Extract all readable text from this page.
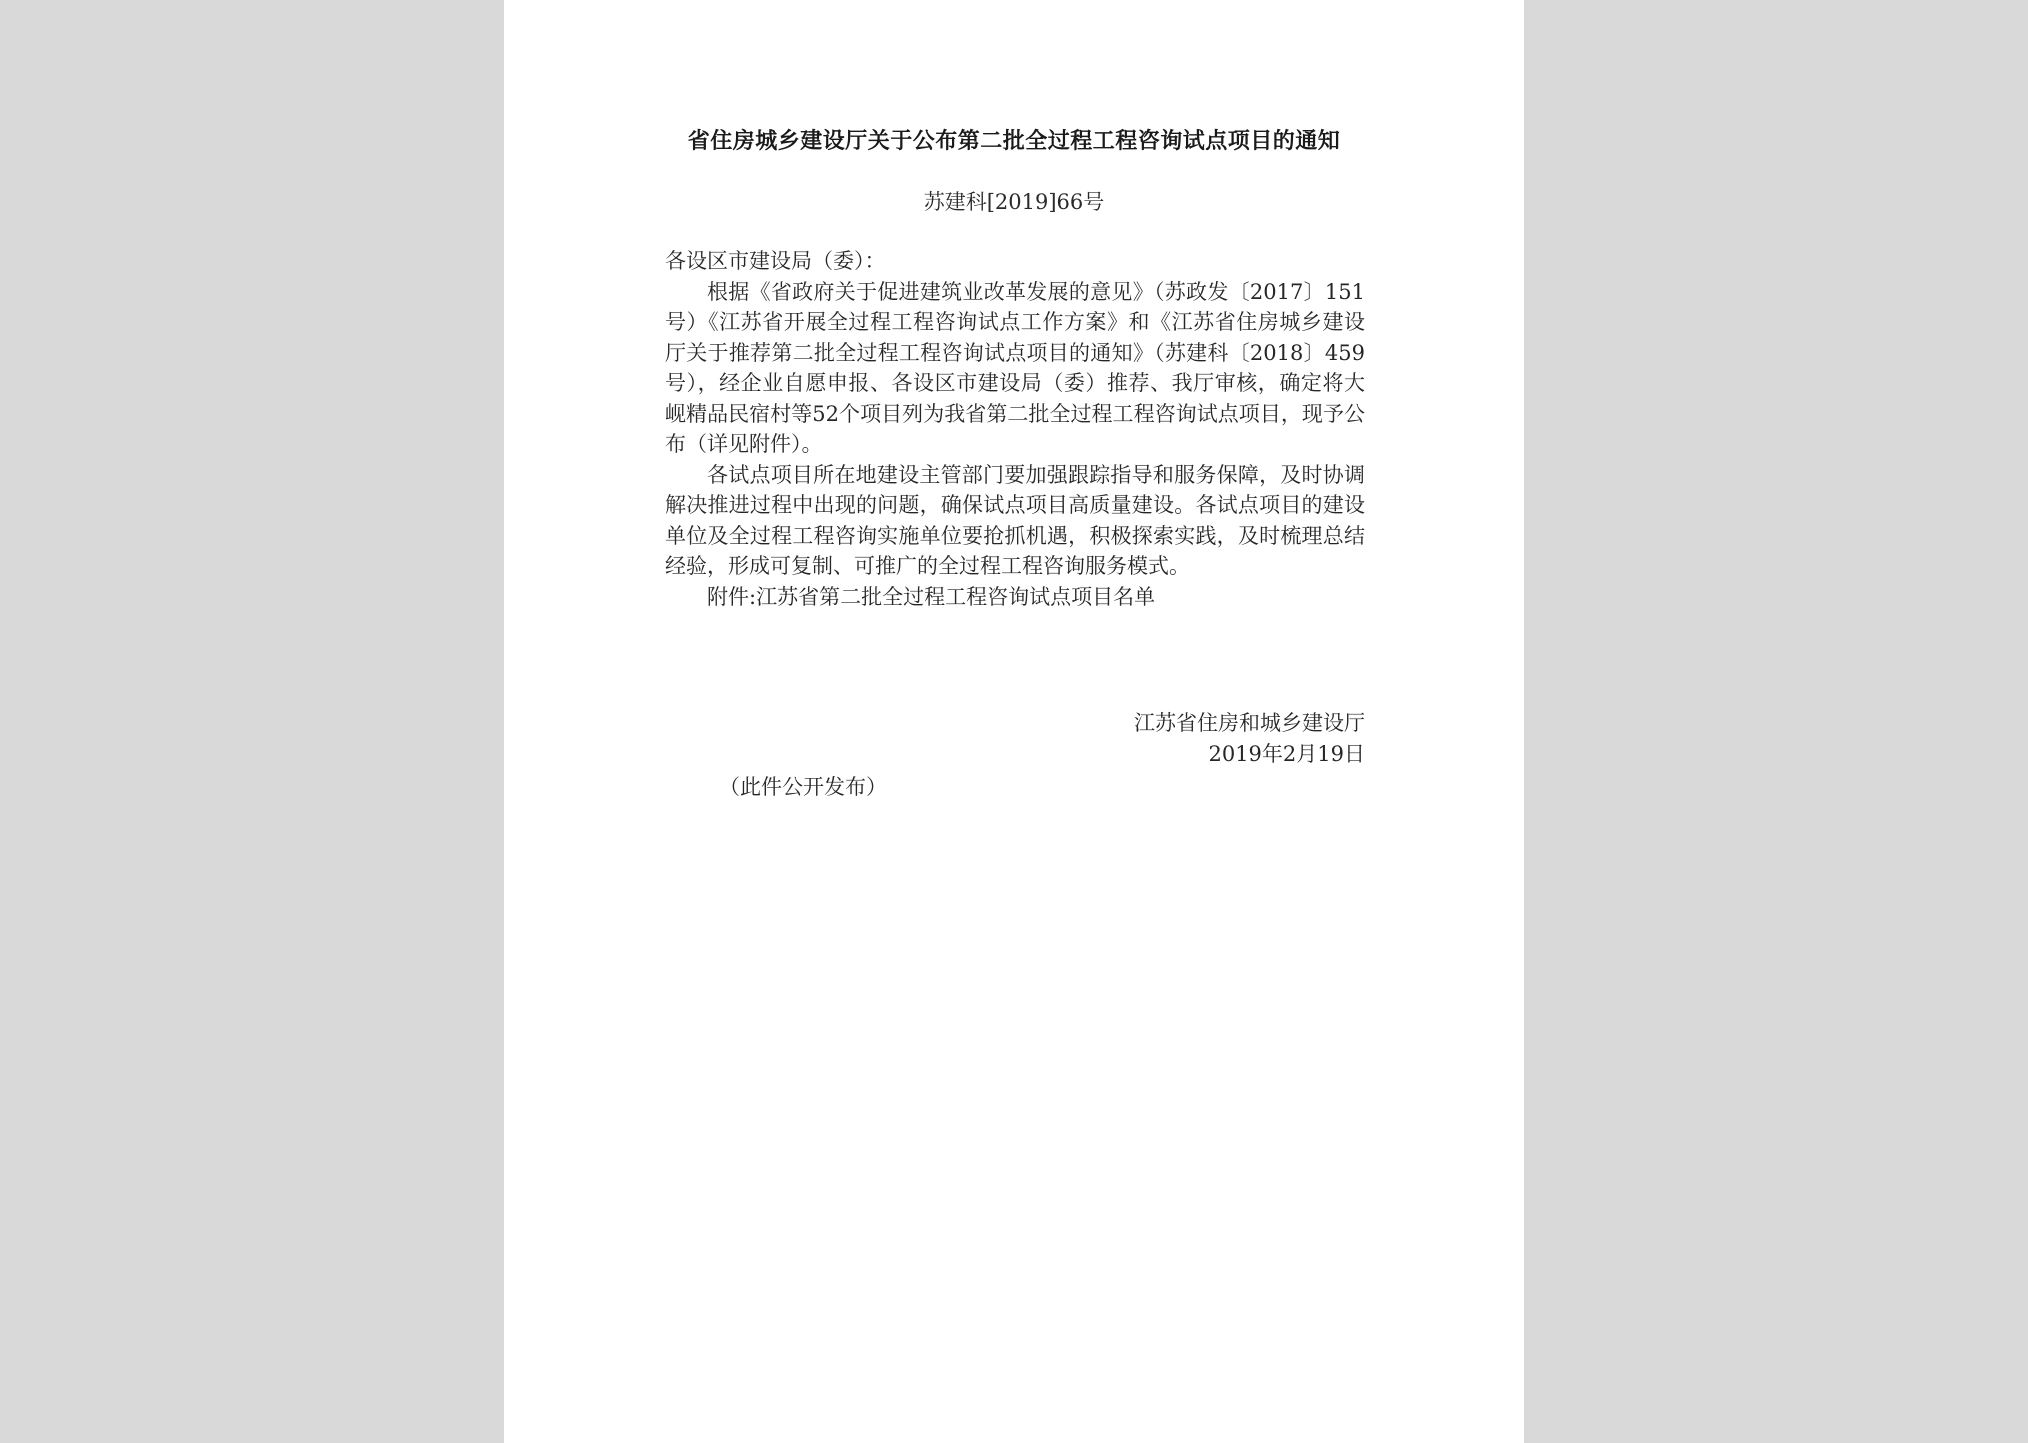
省住房城乡建设厅关于公布第二批全过程工程咨询试点项目的通知
苏建科[2019]66号

各设区市建设局（委）：

根据《省政府关于促进建筑业改革发展的意见》（苏政发〔2017〕151号）《江苏省开展全过程工程咨询试点工作方案》和《江苏省住房城乡建设厅关于推荐第二批全过程工程咨询试点项目的通知》（苏建科〔2018〕459号），经企业自愿申报、各设区市建设局（委）推荐、我厅审核，确定将大岘精品民宿村等52个项目列为我省第二批全过程工程咨询试点项目，现予公布（详见附件）。

各试点项目所在地建设主管部门要加强跟踪指导和服务保障，及时协调解决推进过程中出现的问题，确保试点项目高质量建设。各试点项目的建设单位及全过程工程咨询实施单位要抢抓机遇，积极探索实践，及时梳理总结经验，形成可复制、可推广的全过程工程咨询服务模式。

附件:江苏省第二批全过程工程咨询试点项目名单

江苏省住房和城乡建设厅
2019年2月19日
（此件公开发布）
